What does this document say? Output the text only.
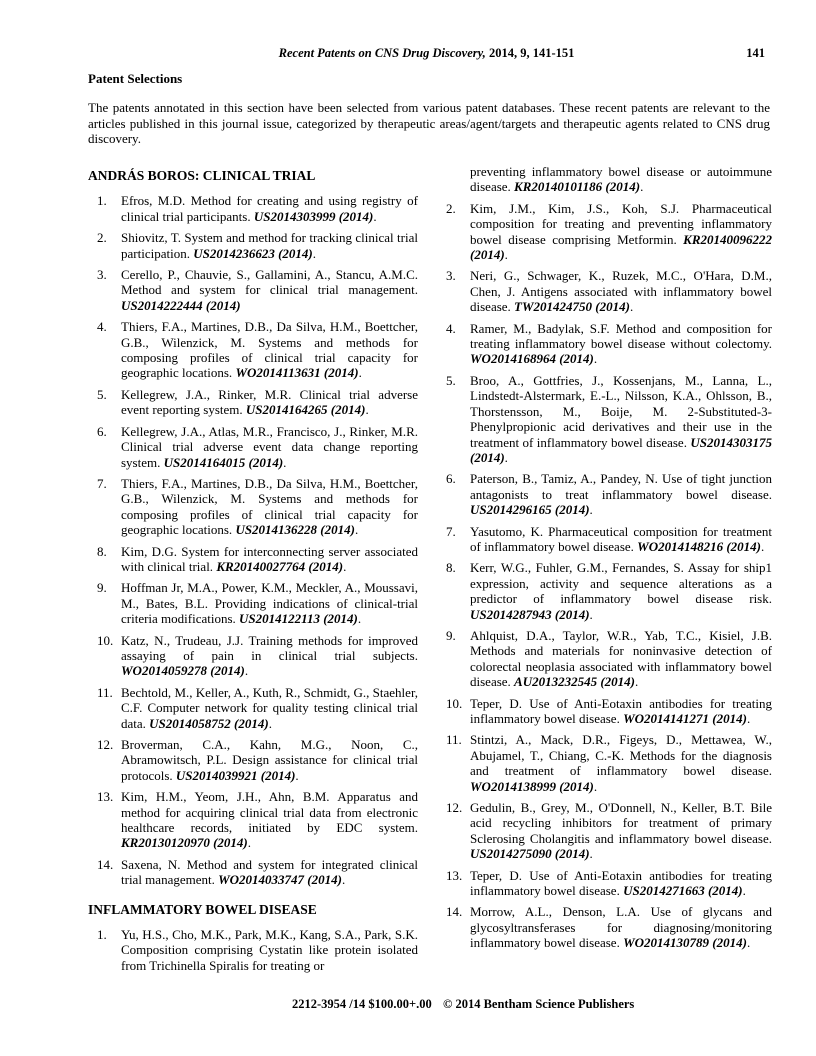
Recent Patents on CNS Drug Discovery, 2014, 9, 141-151	141
Patent Selections
The patents annotated in this section have been selected from various patent databases. These recent patents are relevant to the articles published in this journal issue, categorized by therapeutic areas/agent/targets and therapeutic agents related to CNS drug discovery.
ANDRÁS BOROS: CLINICAL TRIAL
1. Efros, M.D. Method for creating and using registry of clinical trial participants. US2014303999 (2014).
2. Shiovitz, T. System and method for tracking clinical trial participation. US2014236623 (2014).
3. Cerello, P., Chauvie, S., Gallamini, A., Stancu, A.M.C. Method and system for clinical trial management. US2014222444 (2014)
4. Thiers, F.A., Martines, D.B., Da Silva, H.M., Boettcher, G.B., Wilenzick, M. Systems and methods for composing profiles of clinical trial capacity for geographic locations. WO2014113631 (2014).
5. Kellegrew, J.A., Rinker, M.R. Clinical trial adverse event reporting system. US2014164265 (2014).
6. Kellegrew, J.A., Atlas, M.R., Francisco, J., Rinker, M.R. Clinical trial adverse event data change reporting system. US2014164015 (2014).
7. Thiers, F.A., Martines, D.B., Da Silva, H.M., Boettcher, G.B., Wilenzick, M. Systems and methods for composing profiles of clinical trial capacity for geographic locations. US2014136228 (2014).
8. Kim, D.G. System for interconnecting server associated with clinical trial. KR20140027764 (2014).
9. Hoffman Jr, M.A., Power, K.M., Meckler, A., Moussavi, M., Bates, B.L. Providing indications of clinical-trial criteria modifications. US2014122113 (2014).
10. Katz, N., Trudeau, J.J. Training methods for improved assaying of pain in clinical trial subjects. WO2014059278 (2014).
11. Bechtold, M., Keller, A., Kuth, R., Schmidt, G., Staehler, C.F. Computer network for quality testing clinical trial data. US2014058752 (2014).
12. Broverman, C.A., Kahn, M.G., Noon, C., Abramowitsch, P.L. Design assistance for clinical trial protocols. US2014039921 (2014).
13. Kim, H.M., Yeom, J.H., Ahn, B.M. Apparatus and method for acquiring clinical trial data from electronic healthcare records, initiated by EDC system. KR20130120970 (2014).
14. Saxena, N. Method and system for integrated clinical trial management. WO2014033747 (2014).
INFLAMMATORY BOWEL DISEASE
1. Yu, H.S., Cho, M.K., Park, M.K., Kang, S.A., Park, S.K. Composition comprising Cystatin like protein isolated from Trichinella Spiralis for treating or
preventing inflammatory bowel disease or autoimmune disease. KR20140101186 (2014).
2. Kim, J.M., Kim, J.S., Koh, S.J. Pharmaceutical composition for treating and preventing inflammatory bowel disease comprising Metformin. KR20140096222 (2014).
3. Neri, G., Schwager, K., Ruzek, M.C., O'Hara, D.M., Chen, J. Antigens associated with inflammatory bowel disease. TW201424750 (2014).
4. Ramer, M., Badylak, S.F. Method and composition for treating inflammatory bowel disease without colectomy. WO2014168964 (2014).
5. Broo, A., Gottfries, J., Kossenjans, M., Lanna, L., Lindstedt-Alstermark, E.-L., Nilsson, K.A., Ohlsson, B., Thorstensson, M., Boije, M. 2-Substituted-3-Phenylpropionic acid derivatives and their use in the treatment of inflammatory bowel disease. US2014303175 (2014).
6. Paterson, B., Tamiz, A., Pandey, N. Use of tight junction antagonists to treat inflammatory bowel disease. US2014296165 (2014).
7. Yasutomo, K. Pharmaceutical composition for treatment of inflammatory bowel disease. WO2014148216 (2014).
8. Kerr, W.G., Fuhler, G.M., Fernandes, S. Assay for ship1 expression, activity and sequence alterations as a predictor of inflammatory bowel disease risk. US2014287943 (2014).
9. Ahlquist, D.A., Taylor, W.R., Yab, T.C., Kisiel, J.B. Methods and materials for noninvasive detection of colorectal neoplasia associated with inflammatory bowel disease. AU2013232545 (2014).
10. Teper, D. Use of Anti-Eotaxin antibodies for treating inflammatory bowel disease. WO2014141271 (2014).
11. Stintzi, A., Mack, D.R., Figeys, D., Mettawea, W., Abujamel, T., Chiang, C.-K. Methods for the diagnosis and treatment of inflammatory bowel disease. WO2014138999 (2014).
12. Gedulin, B., Grey, M., O'Donnell, N., Keller, B.T. Bile acid recycling inhibitors for treatment of primary Sclerosing Cholangitis and inflammatory bowel disease. US2014275090 (2014).
13. Teper, D. Use of Anti-Eotaxin antibodies for treating inflammatory bowel disease. US2014271663 (2014).
14. Morrow, A.L., Denson, L.A. Use of glycans and glycosyltransferases for diagnosing/monitoring inflammatory bowel disease. WO2014130789 (2014).
2212-3954 /14 $100.00+.00 © 2014 Bentham Science Publishers
